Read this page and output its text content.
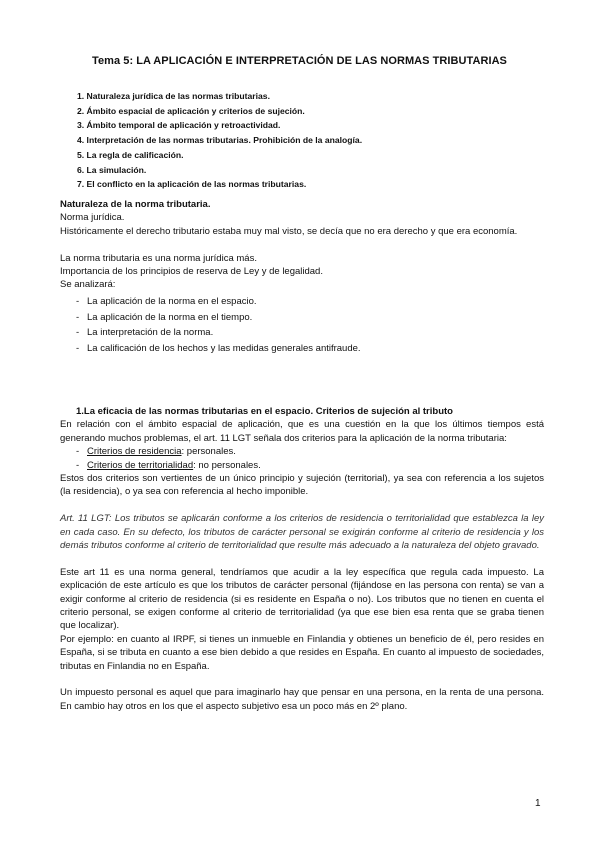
Tema 5: LA APLICACIÓN E INTERPRETACIÓN DE LAS NORMAS TRIBUTARIAS
1. Naturaleza jurídica de las normas tributarias.
2. Ámbito espacial de aplicación y criterios de sujeción.
3. Ámbito temporal de aplicación y retroactividad.
4. Interpretación de las normas tributarias. Prohibición de la analogía.
5. La regla de calificación.
6. La simulación.
7. El conflicto en la aplicación de las normas tributarias.

Naturaleza de la norma tributaria.

Norma jurídica.

Históricamente el derecho tributario estaba muy mal visto, se decía que no era derecho y que era economía.

La norma tributaria es una norma jurídica más.

Importancia de los principios de reserva de Ley y de legalidad.

Se analizará:

- La aplicación de la norma en el espacio.
- La aplicación de la norma en el tiempo.
- La interpretación de la norma.
- La calificación de los hechos y las medidas generales antifraude.

1.La eficacia de las normas tributarias en el espacio. Criterios de sujeción al tributo

En relación con el ámbito espacial de aplicación, que es una cuestión en la que los últimos tiempos está generando muchos problemas, el art. 11 LGT señala dos criterios para la aplicación de la norma tributaria:

- Criterios de residencia: personales.
- Criterios de territorialidad: no personales.

Estos dos criterios son vertientes de un único principio y sujeción (territorial), ya sea con referencia a los sujetos (la residencia), o ya sea con referencia al hecho imponible.

Art. 11 LGT: Los tributos se aplicarán conforme a los criterios de residencia o territorialidad que establezca la ley en cada caso. En su defecto, los tributos de carácter personal se exigirán conforme al criterio de residencia y los demás tributos conforme al criterio de territorialidad que resulte más adecuado a la naturaleza del objeto gravado.

Este art 11 es una norma general, tendríamos que acudir a la ley específica que regula cada impuesto. La explicación de este artículo es que los tributos de carácter personal (fijándose en las persona con renta) se van a exigir conforme al criterio de residencia (si es residente en España o no). Los tributos que no tienen en cuenta el criterio personal, se exigen conforme al criterio de territorialidad (ya que ese bien esa renta que se graba tienen que localizar).

Por ejemplo: en cuanto al IRPF, si tienes un inmueble en Finlandia y obtienes un beneficio de él, pero resides en España, si se tributa en cuanto a ese bien debido a que resides en España. En cuanto al impuesto de sociedades, tributas en Finlandia no en España.

Un impuesto personal es aquel que para imaginarlo hay que pensar en una persona, en la renta de una persona. En cambio hay otros en los que el aspecto subjetivo esa un poco más en 2º plano.

1
